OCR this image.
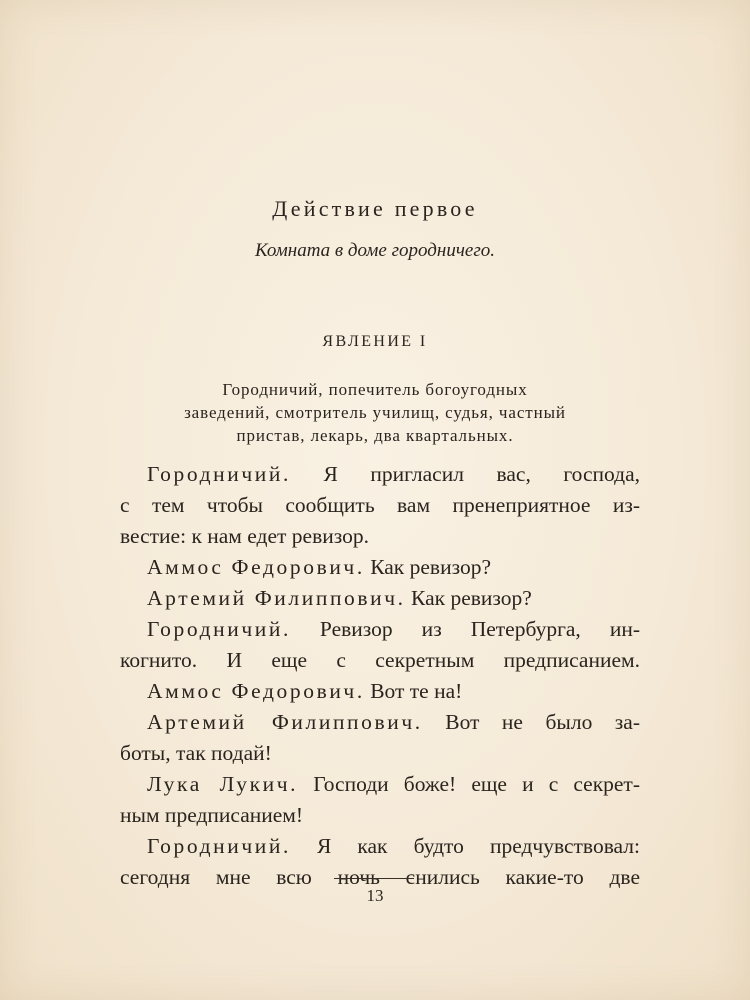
Действие первое
Комната в доме городничего.
ЯВЛЕНИЕ I
Городничий, попечитель богоугодных
заведений, смотритель училищ, судья, частный
пристав, лекарь, два квартальных.
Городничий. Я пригласил вас, господа,
с тем чтобы сообщить вам пренеприятное из-
вестие: к нам едет ревизор.
Аммос Федорович. Как ревизор?
Артемий Филиппович. Как ревизор?
Городничий. Ревизор из Петербурга, ин-
когнито. И еще с секретным предписанием.
Аммос Федорович. Вот те на!
Артемий Филиппович. Вот не было за-
боты, так подай!
Лука Лукич. Господи боже! еще и с секрет-
ным предписанием!
Городничий. Я как будто предчувствовал:
сегодня мне всю ночь снились какие-то две
13
